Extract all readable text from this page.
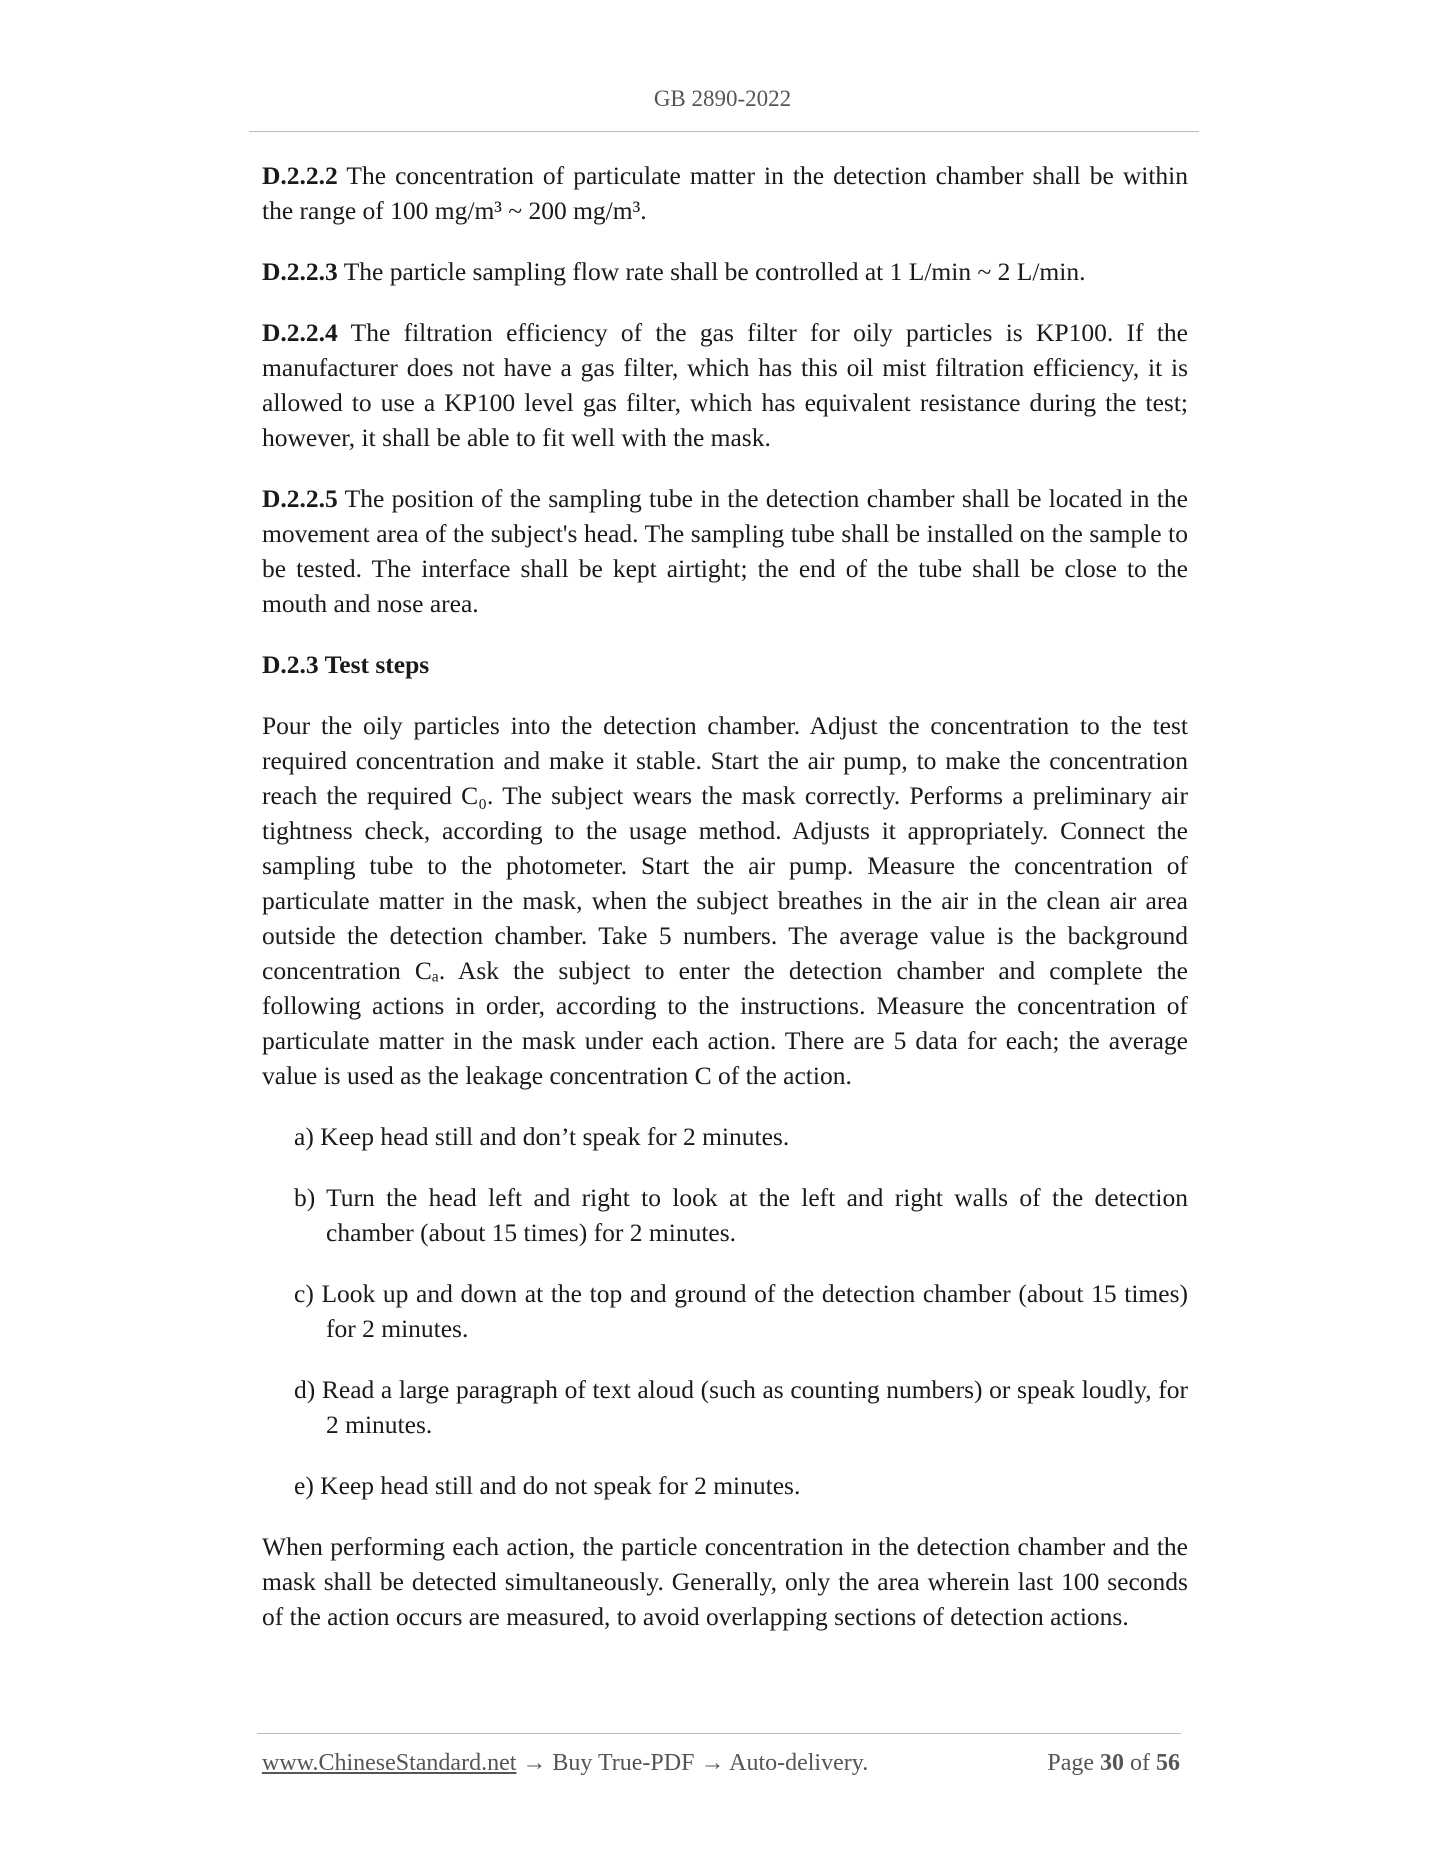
GB 2890-2022

D.2.2.2 The concentration of particulate matter in the detection chamber shall be within the range of 100 mg/m³ ~ 200 mg/m³.

D.2.2.3 The particle sampling flow rate shall be controlled at 1 L/min ~ 2 L/min.

D.2.2.4 The filtration efficiency of the gas filter for oily particles is KP100. If the manufacturer does not have a gas filter, which has this oil mist filtration efficiency, it is allowed to use a KP100 level gas filter, which has equivalent resistance during the test; however, it shall be able to fit well with the mask.

D.2.2.5 The position of the sampling tube in the detection chamber shall be located in the movement area of the subject's head. The sampling tube shall be installed on the sample to be tested. The interface shall be kept airtight; the end of the tube shall be close to the mouth and nose area.

D.2.3 Test steps

Pour the oily particles into the detection chamber. Adjust the concentration to the test required concentration and make it stable. Start the air pump, to make the concentration reach the required C₀. The subject wears the mask correctly. Performs a preliminary air tightness check, according to the usage method. Adjusts it appropriately. Connect the sampling tube to the photometer. Start the air pump. Measure the concentration of particulate matter in the mask, when the subject breathes in the air in the clean air area outside the detection chamber. Take 5 numbers. The average value is the background concentration Cₐ. Ask the subject to enter the detection chamber and complete the following actions in order, according to the instructions. Measure the concentration of particulate matter in the mask under each action. There are 5 data for each; the average value is used as the leakage concentration C of the action.

a) Keep head still and don’t speak for 2 minutes.

b) Turn the head left and right to look at the left and right walls of the detection chamber (about 15 times) for 2 minutes.

c) Look up and down at the top and ground of the detection chamber (about 15 times) for 2 minutes.

d) Read a large paragraph of text aloud (such as counting numbers) or speak loudly, for 2 minutes.

e) Keep head still and do not speak for 2 minutes.

When performing each action, the particle concentration in the detection chamber and the mask shall be detected simultaneously. Generally, only the area wherein last 100 seconds of the action occurs are measured, to avoid overlapping sections of detection actions.

www.ChineseStandard.net → Buy True-PDF → Auto-delivery.	Page 30 of 56
